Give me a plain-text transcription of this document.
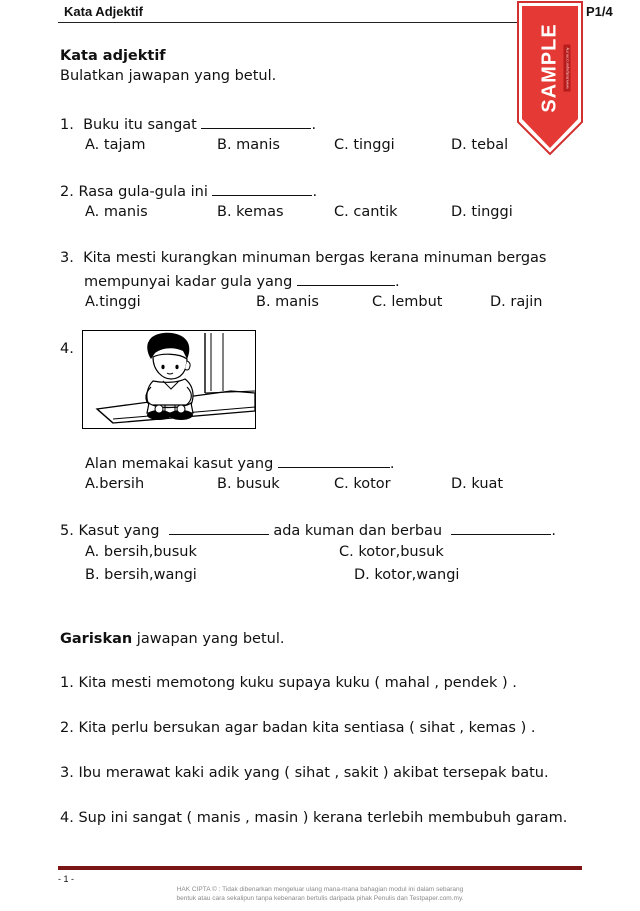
Kata Adjektif	P1/4
SAMPLE www.testpaper.com.my
Kata adjektif
Bulatkan jawapan yang betul.
1. Buku itu sangat	.
A. tajam	B. manis	C. tinggi	D. tebal
2. Rasa gula-gula ini	.
A. manis	B. kemas	C. cantik	D. tinggi
3. Kita mesti kurangkan minuman bergas kerana minuman bergas
mempunyai kadar gula yang	.
A.tinggi	B. manis	C. lembut	D. rajin
4.
Alan memakai kasut yang	.
A.bersih	B. busuk	C. kotor	D. kuat
5. Kasut yang	ada kuman dan berbau	.
A. bersih,busuk	C. kotor,busuk
B. bersih,wangi	D. kotor,wangi
Gariskan jawapan yang betul.
1. Kita mesti memotong kuku supaya kuku ( mahal , pendek ) .
2. Kita perlu bersukan agar badan kita sentiasa ( sihat , kemas ) .
3. Ibu merawat kaki adik yang ( sihat , sakit ) akibat tersepak batu.
4. Sup ini sangat ( manis , masin ) kerana terlebih membubuh garam.
- 1 -
HAK CIPTA © : Tidak dibenarkan mengeluar ulang mana-mana bahagian modul ini dalam sebarang
bentuk atau cara sekalipun tanpa kebenaran bertulis daripada pihak Penulis dan Testpaper.com.my.
